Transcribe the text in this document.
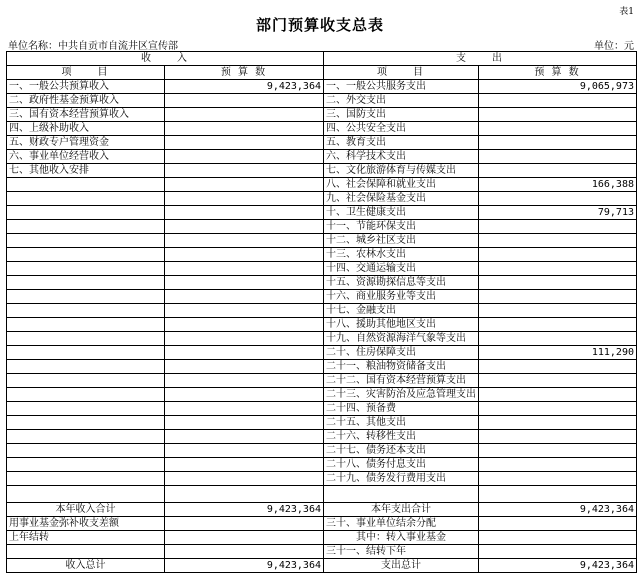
表1
部门预算收支总表
单位名称：中共自贡市自流井区宣传部	单位：元
收　　入		支　　出	
项　　目	预 算 数	项　　目	预 算 数
一、一般公共预算收入	9,423,364	一、一般公共服务支出	9,065,973
二、政府性基金预算收入		二、外交支出	
三、国有资本经营预算收入		三、国防支出	
四、上级补助收入		四、公共安全支出	
五、财政专户管理资金		五、教育支出	
六、事业单位经营收入		六、科学技术支出	
七、其他收入安排		七、文化旅游体育与传媒支出	
		八、社会保障和就业支出	166,388
		九、社会保险基金支出	
		十、卫生健康支出	79,713
		十一、节能环保支出	
		十二、城乡社区支出	
		十三、农林水支出	
		十四、交通运输支出	
		十五、资源勘探信息等支出	
		十六、商业服务业等支出	
		十七、金融支出	
		十八、援助其他地区支出	
		十九、自然资源海洋气象等支出	
		二十、住房保障支出	111,290
		二十一、粮油物资储备支出	
		二十二、国有资本经营预算支出	
		二十三、灾害防治及应急管理支出	
		二十四、预备费	
		二十五、其他支出	
		二十六、转移性支出	
		二十七、债务还本支出	
		二十八、债务付息支出	
		二十九、债务发行费用支出	

本年收入合计	9,423,364	本年支出合计	9,423,364
用事业基金弥补收支差额		三十、事业单位结余分配	
上年结转		其中：转入事业基金	
		三十一、结转下年	
收入总计	9,423,364	支出总计	9,423,364
